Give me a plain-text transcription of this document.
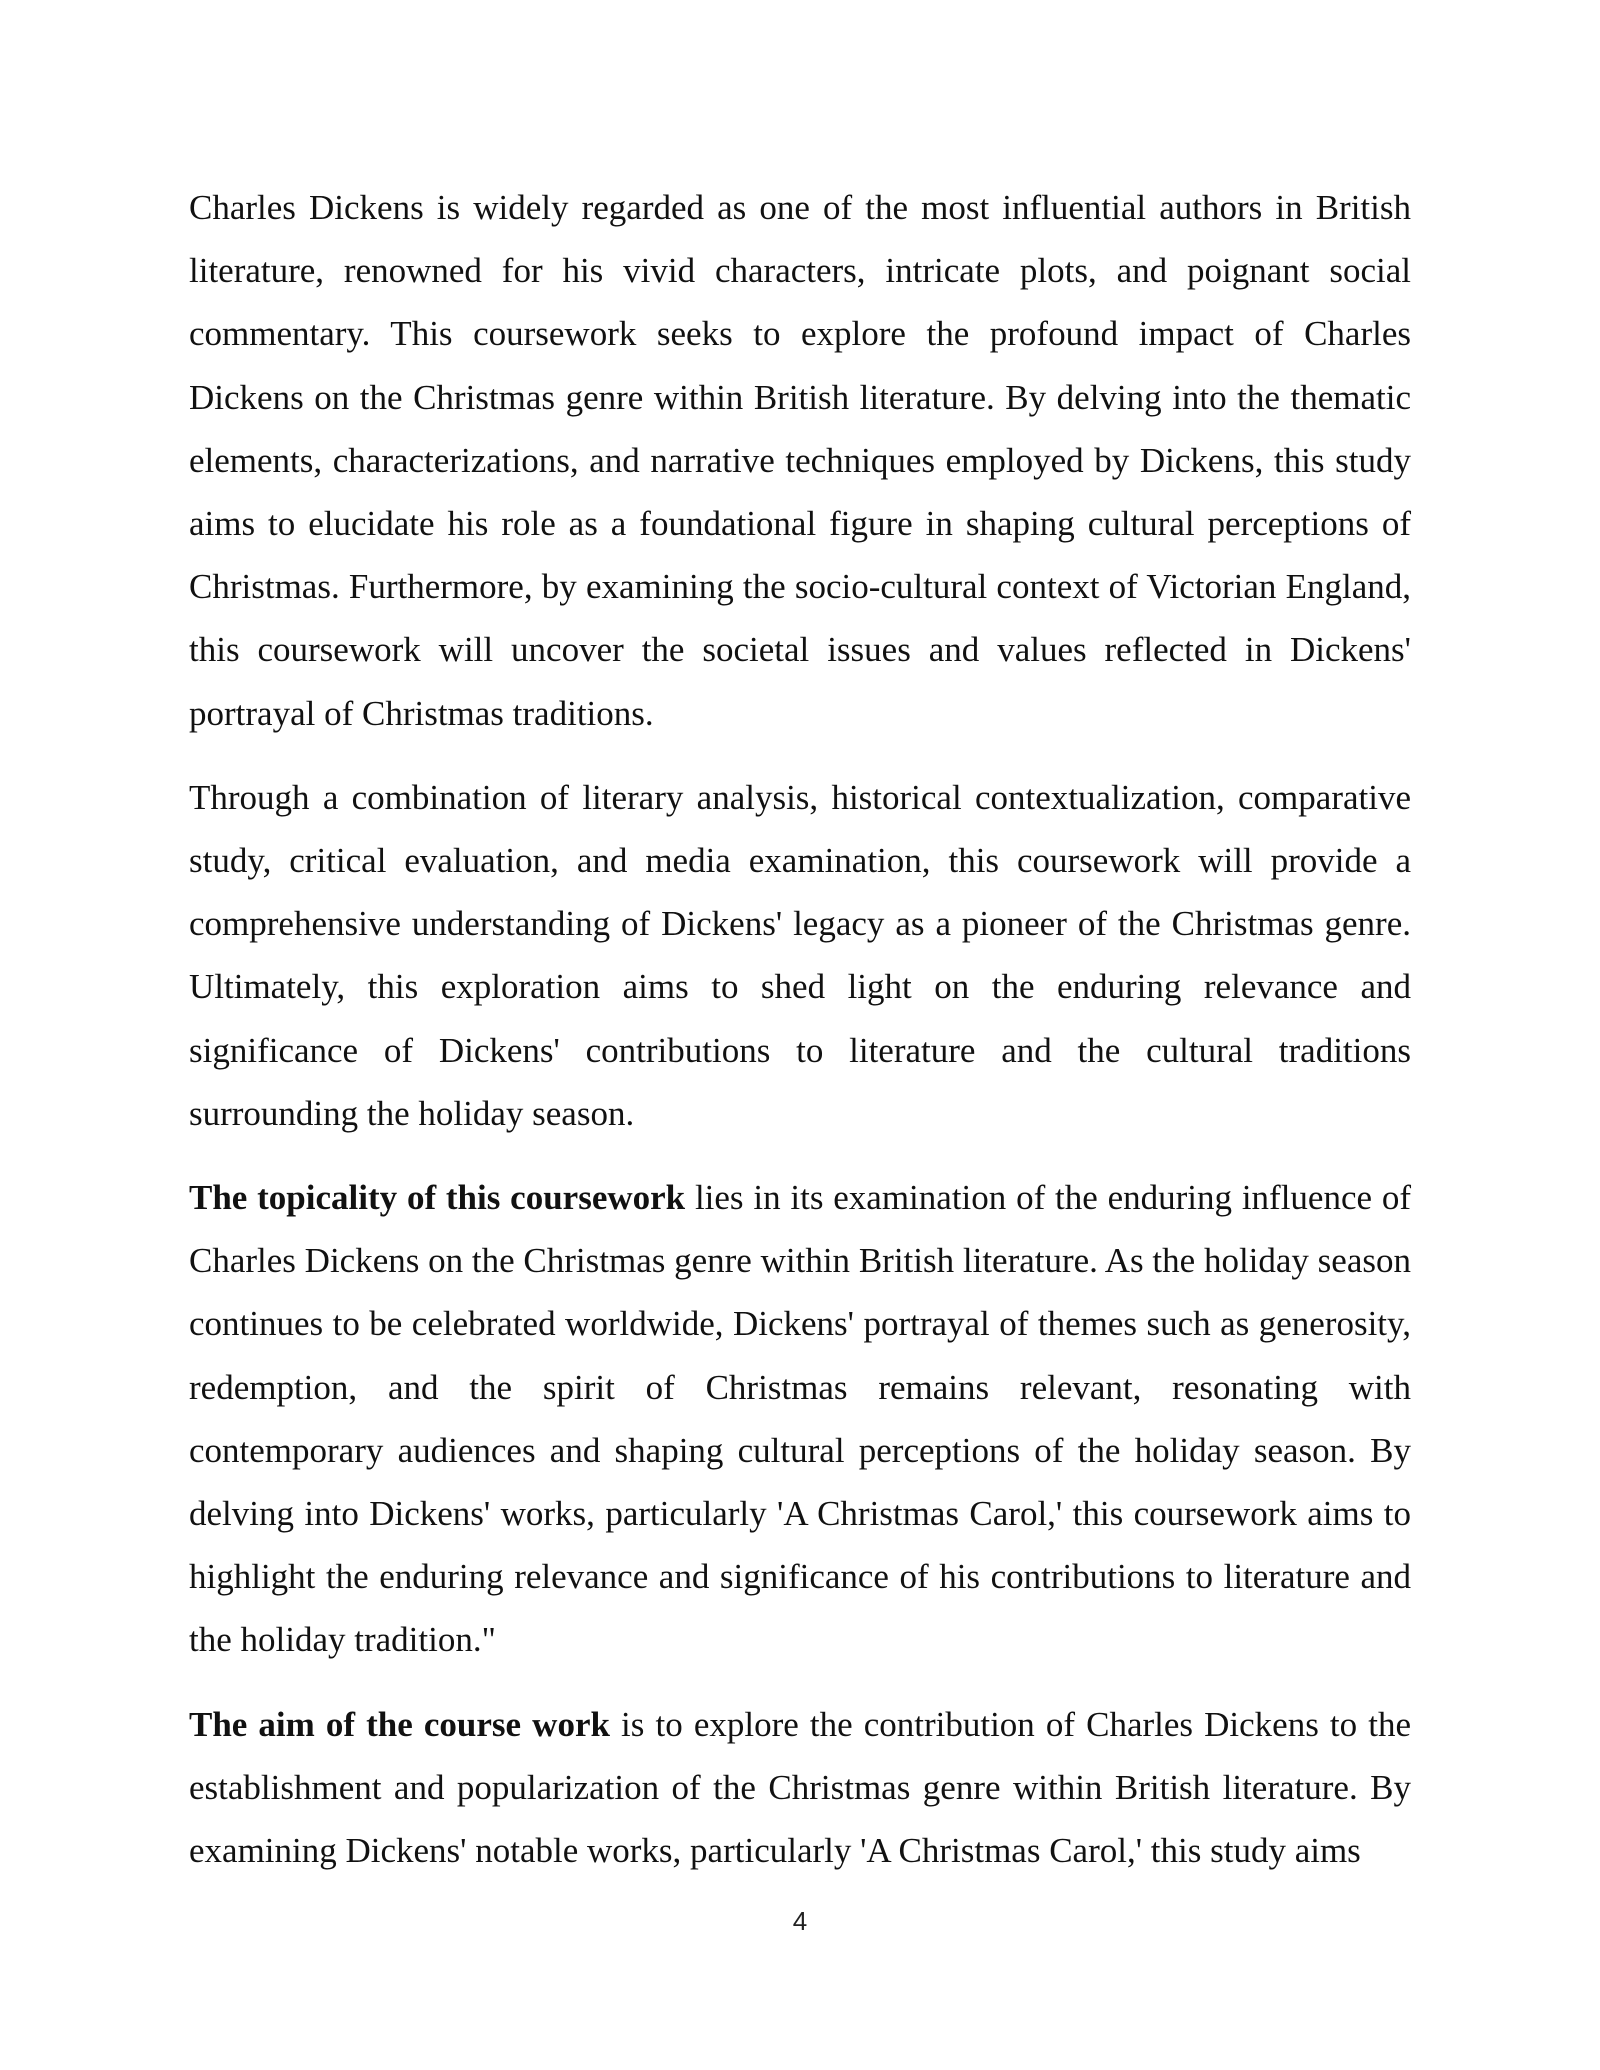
Charles Dickens is widely regarded as one of the most influential authors in British literature, renowned for his vivid characters, intricate plots, and poignant social commentary. This coursework seeks to explore the profound impact of Charles Dickens on the Christmas genre within British literature. By delving into the thematic elements, characterizations, and narrative techniques employed by Dickens, this study aims to elucidate his role as a foundational figure in shaping cultural perceptions of Christmas. Furthermore, by examining the socio-cultural context of Victorian England, this coursework will uncover the societal issues and values reflected in Dickens' portrayal of Christmas traditions.

Through a combination of literary analysis, historical contextualization, comparative study, critical evaluation, and media examination, this coursework will provide a comprehensive understanding of Dickens' legacy as a pioneer of the Christmas genre. Ultimately, this exploration aims to shed light on the enduring relevance and significance of Dickens' contributions to literature and the cultural traditions surrounding the holiday season.

The topicality of this coursework lies in its examination of the enduring influence of Charles Dickens on the Christmas genre within British literature. As the holiday season continues to be celebrated worldwide, Dickens' portrayal of themes such as generosity, redemption, and the spirit of Christmas remains relevant, resonating with contemporary audiences and shaping cultural perceptions of the holiday season. By delving into Dickens' works, particularly 'A Christmas Carol,' this coursework aims to highlight the enduring relevance and significance of his contributions to literature and the holiday tradition."

The aim of the course work is to explore the contribution of Charles Dickens to the establishment and popularization of the Christmas genre within British literature. By examining Dickens' notable works, particularly 'A Christmas Carol,' this study aims

4
